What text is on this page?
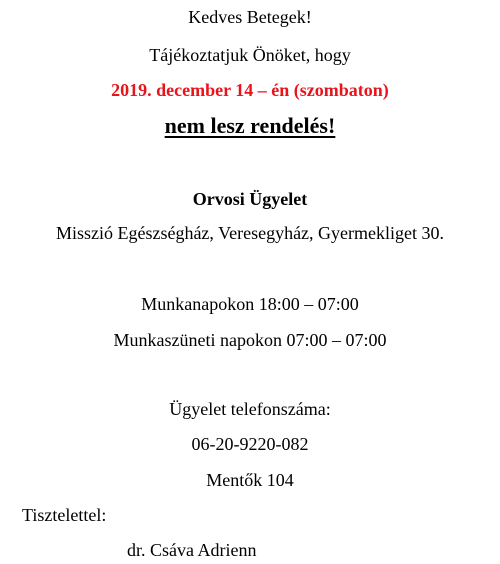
Kedves Betegek!
Tájékoztatjuk Önöket, hogy
2019. december 14 – én (szombaton)
nem lesz rendelés!
Orvosi Ügyelet
Misszió Egészségház, Veresegyház, Gyermekliget 30.
Munkanapokon 18:00 – 07:00
Munkaszüneti napokon 07:00 – 07:00
Ügyelet telefonszáma:
06-20-9220-082
Mentők 104
Tisztelettel:
dr. Csáva Adrienn
